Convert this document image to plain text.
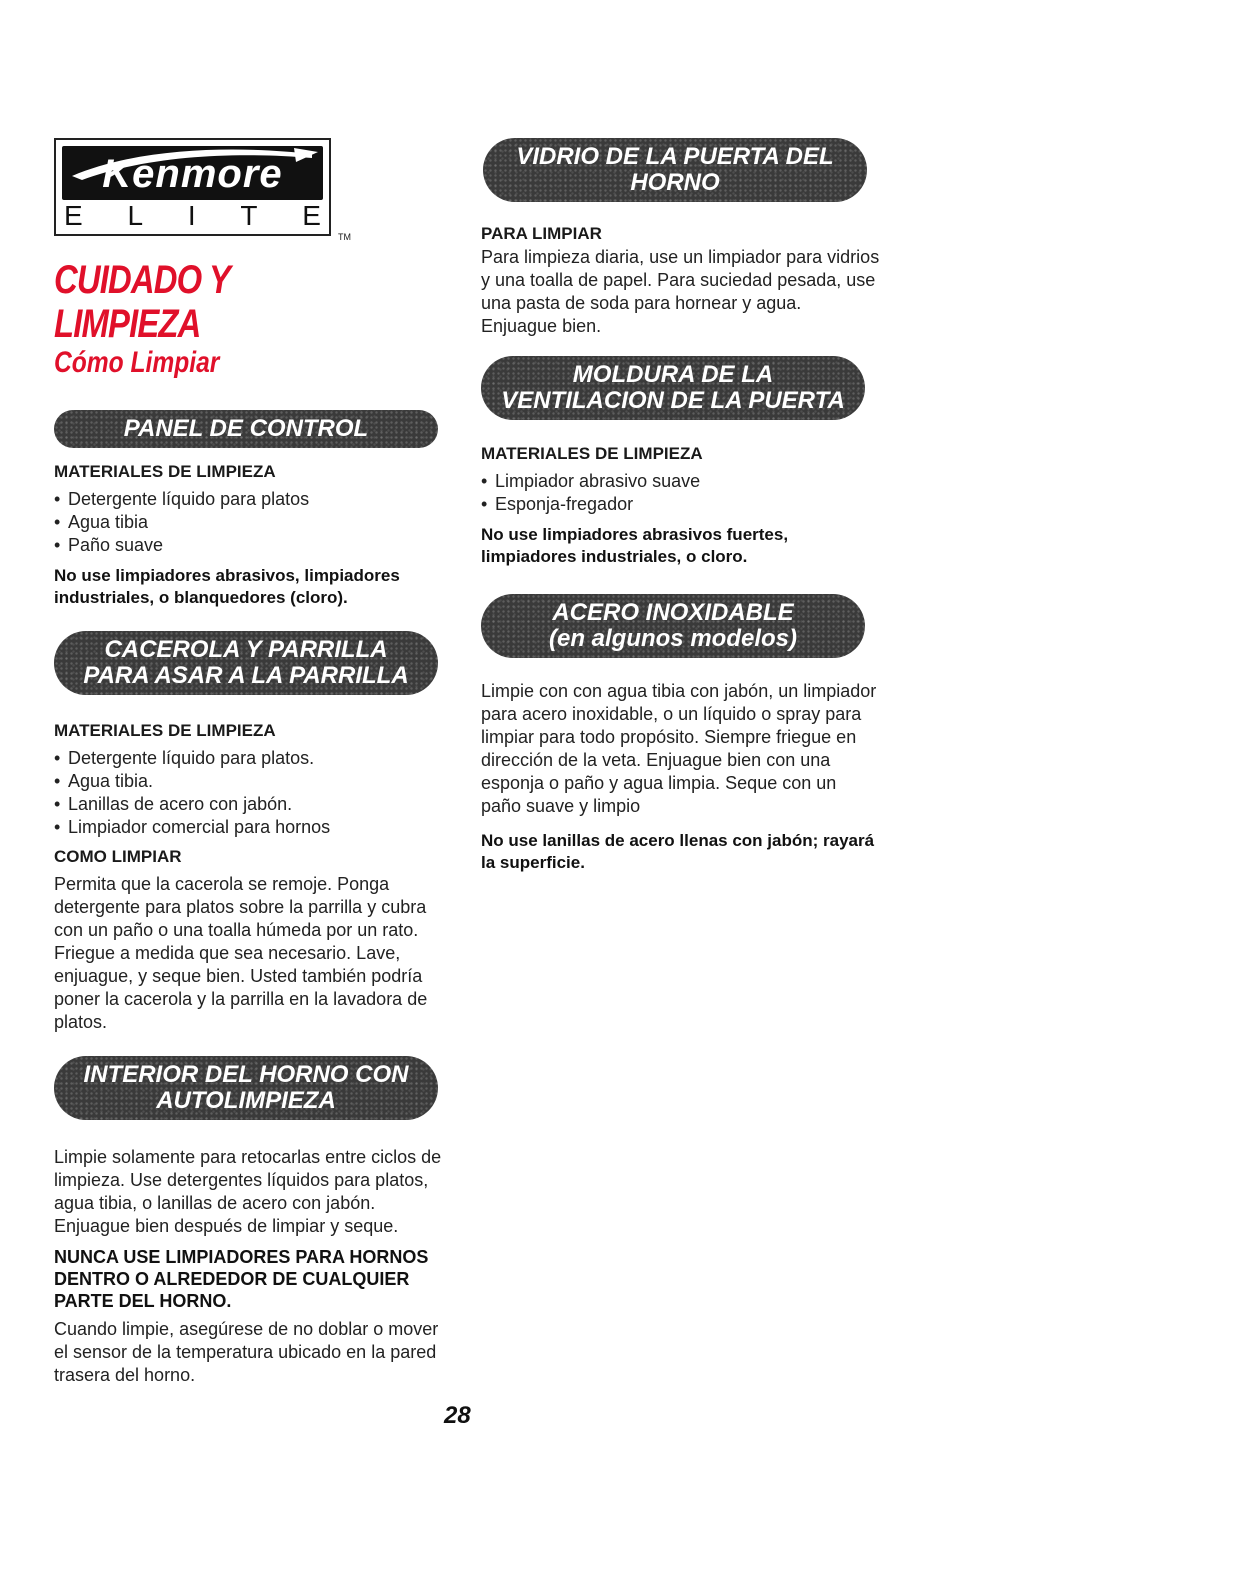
Kenmore
E L I T E
TM
CUIDADO Y LIMPIEZA
Cómo Limpiar
PANEL DE CONTROL
MATERIALES DE LIMPIEZA
• Detergente líquido para platos
• Agua tibia
• Paño suave
No use limpiadores abrasivos, limpiadores industriales, o blanquedores (cloro).
CACEROLA Y PARRILLA
PARA ASAR A LA PARRILLA
MATERIALES DE LIMPIEZA
• Detergente líquido para platos.
• Agua tibia.
• Lanillas de acero con jabón.
• Limpiador comercial para hornos
COMO LIMPIAR

Permita que la cacerola se remoje. Ponga detergente para platos sobre la parrilla y cubra con un paño o una toalla húmeda por un rato. Friegue a medida que sea necesario. Lave, enjuague, y seque bien. Usted también podría poner la cacerola y la parrilla en la lavadora de platos.

INTERIOR DEL HORNO CON
AUTOLIMPIEZA

Limpie solamente para retocarlas entre ciclos de limpieza. Use detergentes líquidos para platos, agua tibia, o lanillas de acero con jabón. Enjuague bien después de limpiar y seque.

NUNCA USE LIMPIADORES PARA HORNOS DENTRO O ALREDEDOR DE CUALQUIER PARTE DEL HORNO.

Cuando limpie, asegúrese de no doblar o mover el sensor de la temperatura ubicado en la pared trasera del horno.

VIDRIO DE LA PUERTA DEL
HORNO
PARA LIMPIAR

Para limpieza diaria, use un limpiador para vidrios y una toalla de papel. Para suciedad pesada, use una pasta de soda para hornear y agua. Enjuague bien.

MOLDURA DE LA
VENTILACION DE LA PUERTA
MATERIALES DE LIMPIEZA
• Limpiador abrasivo suave
• Esponja-fregador
No use limpiadores abrasivos fuertes, limpiadores industriales, o cloro.
ACERO INOXIDABLE
(en algunos modelos)

Limpie con con agua tibia con jabón, un limpiador para acero inoxidable, o un líquido o spray para limpiar para todo propósito. Siempre friegue en dirección de la veta. Enjuague bien con una esponja o paño y agua limpia. Seque con un paño suave y limpio

No use lanillas de acero llenas con jabón; rayará la superficie.
28
